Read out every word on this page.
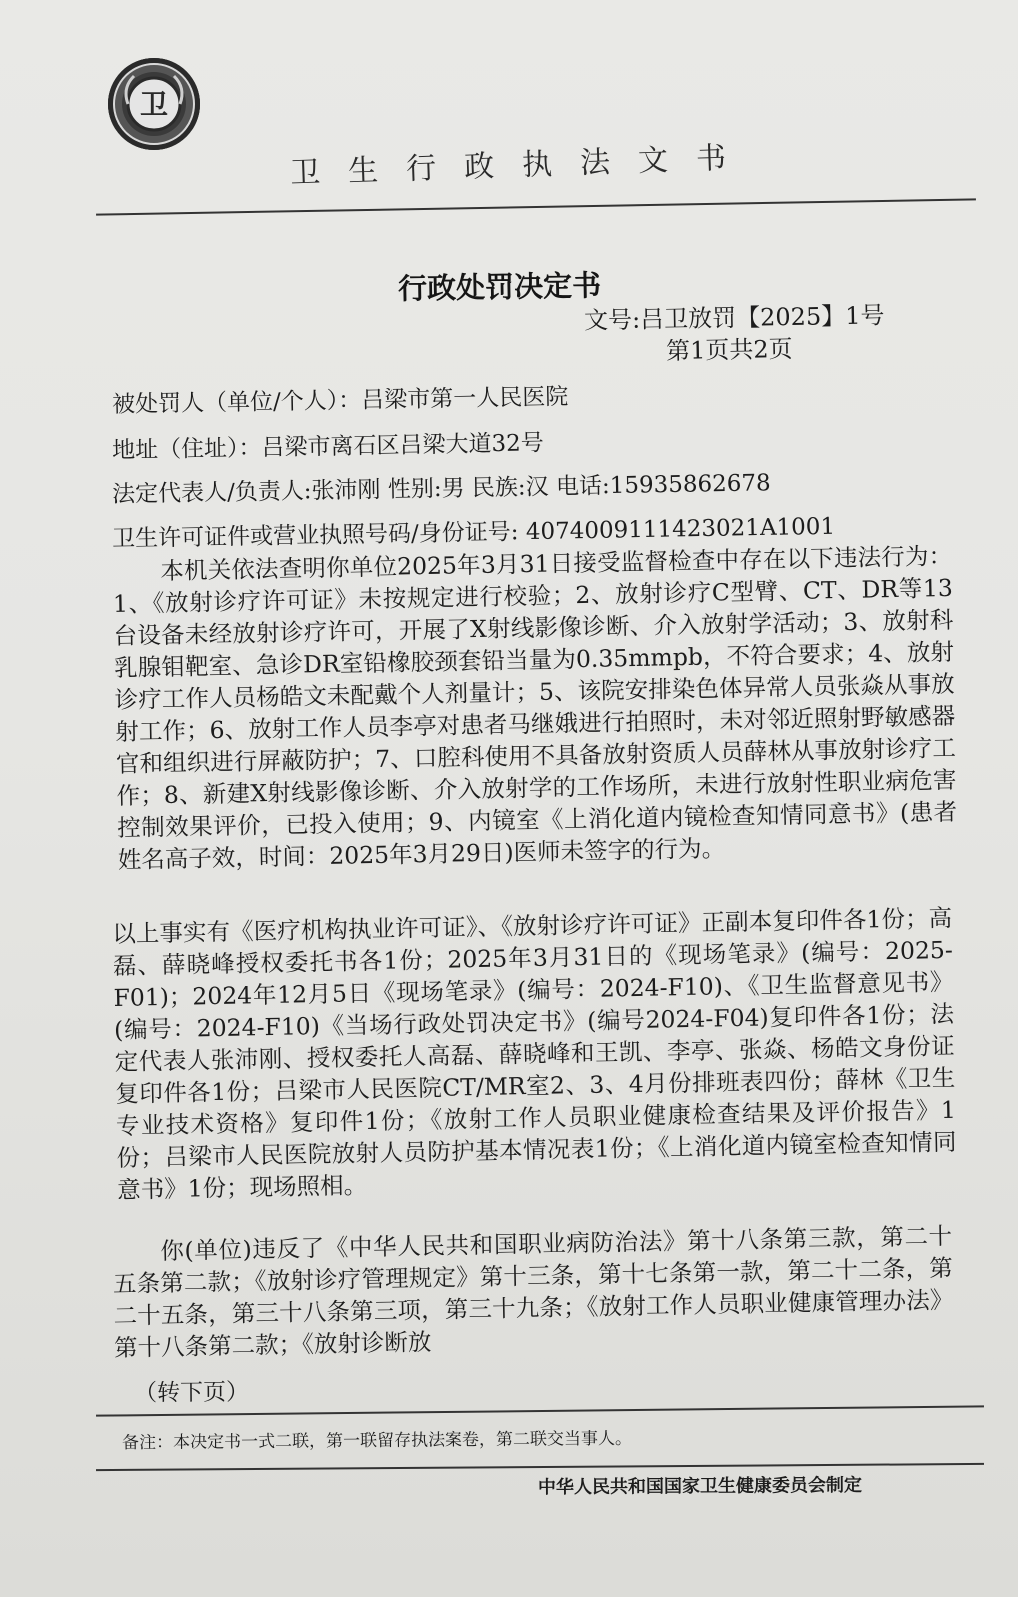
卫
卫生行政执法文书
行政处罚决定书
文号:吕卫放罚【2025】1号
第1页共2页
被处罚人（单位/个人）：吕梁市第一人民医院
地址（住址）：吕梁市离石区吕梁大道32号
法定代表人/负责人:张沛刚 性别:男 民族:汉 电话:15935862678
卫生许可证件或营业执照号码/身份证号: 4074009111423021A1001
本机关依法查明你单位2025年3月31日接受监督检查中存在以下违法行为：1、《放射诊疗许可证》未按规定进行校验；2、放射诊疗C型臂、CT、DR等13台设备未经放射诊疗许可，开展了X射线影像诊断、介入放射学活动；3、放射科乳腺钼靶室、急诊DR室铅橡胶颈套铅当量为0.35mmpb，不符合要求；4、放射诊疗工作人员杨皓文未配戴个人剂量计；5、该院安排染色体异常人员张焱从事放射工作；6、放射工作人员李亭对患者马继娥进行拍照时，未对邻近照射野敏感器官和组织进行屏蔽防护；7、口腔科使用不具备放射资质人员薛林从事放射诊疗工作；8、新建X射线影像诊断、介入放射学的工作场所，未进行放射性职业病危害控制效果评价，已投入使用；9、内镜室《上消化道内镜检查知情同意书》(患者姓名高子效，时间：2025年3月29日)医师未签字的行为。
以上事实有《医疗机构执业许可证》、《放射诊疗许可证》正副本复印件各1份；高磊、薛晓峰授权委托书各1份；2025年3月31日的《现场笔录》(编号：2025-F01)；2024年12月5日《现场笔录》(编号：2024-F10)、《卫生监督意见书》(编号：2024-F10)《当场行政处罚决定书》(编号2024-F04)复印件各1份；法定代表人张沛刚、授权委托人高磊、薛晓峰和王凯、李亭、张焱、杨皓文身份证复印件各1份；吕梁市人民医院CT/MR室2、3、4月份排班表四份；薛林《卫生专业技术资格》复印件1份；《放射工作人员职业健康检查结果及评价报告》1份；吕梁市人民医院放射人员防护基本情况表1份；《上消化道内镜室检查知情同意书》1份；现场照相。
你(单位)违反了《中华人民共和国职业病防治法》第十八条第三款，第二十五条第二款；《放射诊疗管理规定》第十三条，第十七条第一款，第二十二条，第二十五条，第三十八条第三项，第三十九条；《放射工作人员职业健康管理办法》第十八条第二款；《放射诊断放
（转下页）
备注：本决定书一式二联，第一联留存执法案卷，第二联交当事人。
中华人民共和国国家卫生健康委员会制定
